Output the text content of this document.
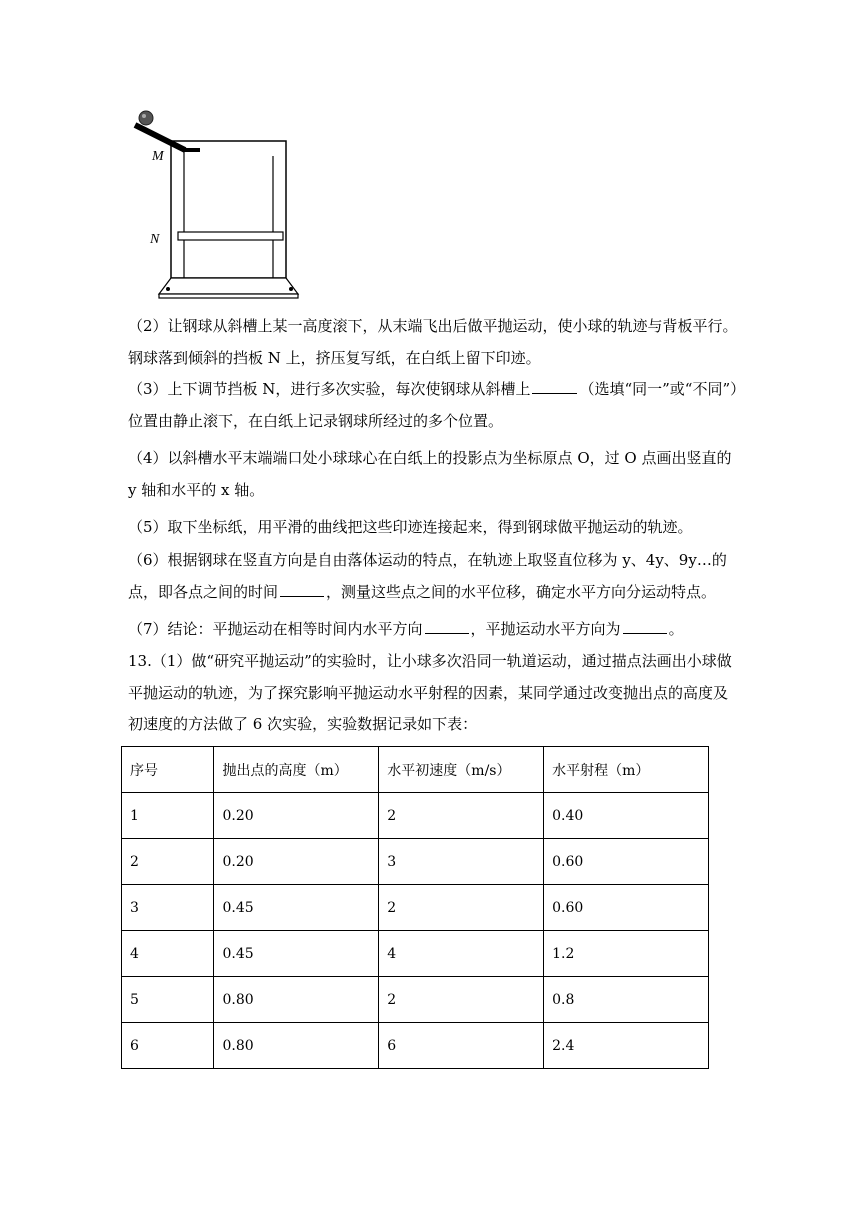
M
N

（2）让钢球从斜槽上某一高度滚下，从末端飞出后做平抛运动，使小球的轨迹与背板平行。钢球落到倾斜的挡板 N 上，挤压复写纸，在白纸上留下印迹。

（3）上下调节挡板 N，进行多次实验，每次使钢球从斜槽上	（选填“同一”或“不同”）位置由静止滚下，在白纸上记录钢球所经过的多个位置。

（4）以斜槽水平末端端口处小球球心在白纸上的投影点为坐标原点 O，过 O 点画出竖直的 y 轴和水平的 x 轴。

（5）取下坐标纸，用平滑的曲线把这些印迹连接起来，得到钢球做平抛运动的轨迹。

（6）根据钢球在竖直方向是自由落体运动的特点，在轨迹上取竖直位移为 y、4y、9y…的点，即各点之间的时间	，测量这些点之间的水平位移，确定水平方向分运动特点。

（7）结论：平抛运动在相等时间内水平方向	，平抛运动水平方向为	。

13.（1）做“研究平抛运动”的实验时，让小球多次沿同一轨道运动，通过描点法画出小球做平抛运动的轨迹，为了探究影响平抛运动水平射程的因素，某同学通过改变抛出点的高度及初速度的方法做了 6 次实验，实验数据记录如下表：

序号	抛出点的高度（m）	水平初速度（m/s）	水平射程（m）
1	0.20	2	0.40
2	0.20	3	0.60
3	0.45	2	0.60
4	0.45	4	1.2
5	0.80	2	0.8
6	0.80	6	2.4
